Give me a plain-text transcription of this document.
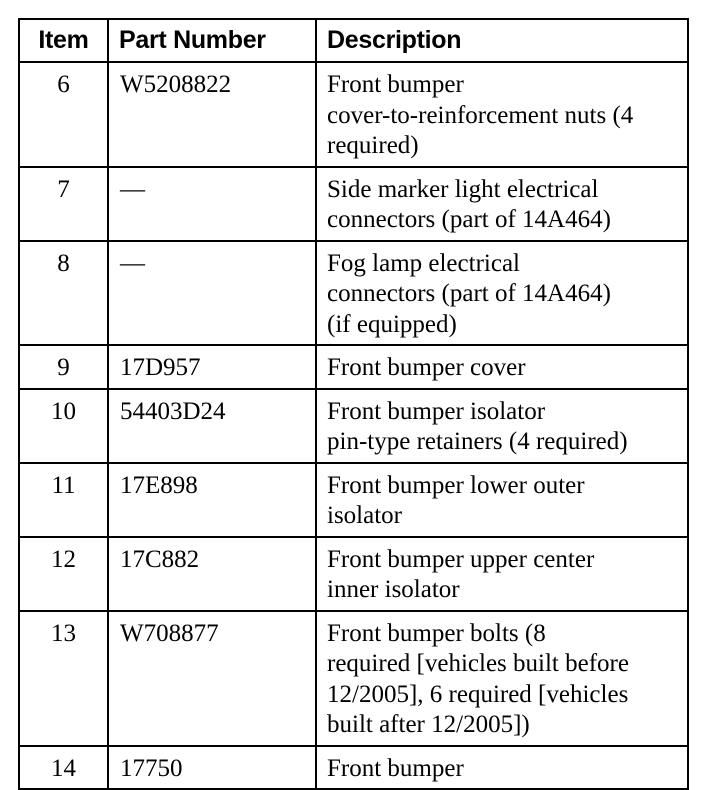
Item	Part Number	Description
6	W5208822	Front bumper
cover-to-reinforcement nuts (4
required)

7	—	Side marker light electrical
connectors (part of 14A464)

8	—	Fog lamp electrical
connectors (part of 14A464)
(if equipped)

9	17D957	Front bumper cover

10	54403D24	Front bumper isolator
pin-type retainers (4 required)

11	17E898	Front bumper lower outer
isolator

12	17C882	Front bumper upper center
inner isolator

13	W708877	Front bumper bolts (8
required [vehicles built before
12/2005], 6 required [vehicles
built after 12/2005])

14	17750	Front bumper
